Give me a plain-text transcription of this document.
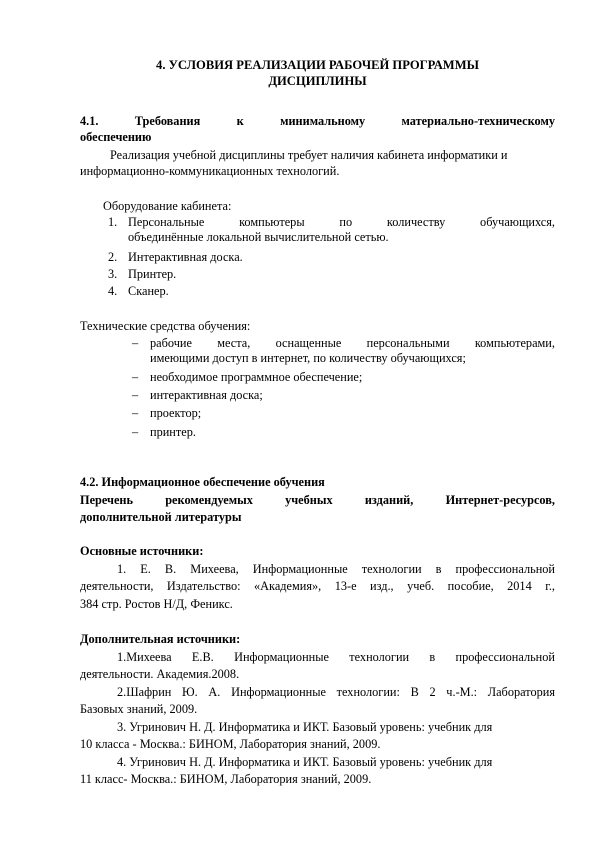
4. УСЛОВИЯ РЕАЛИЗАЦИИ РАБОЧЕЙ ПРОГРАММЫ
ДИСЦИПЛИНЫ
4.1.	Требования	к	минимальному	материально-техническому
обеспечению
Реализация учебной дисциплины требует наличия кабинета информатики и
информационно-коммуникационных технологий.
Оборудование кабинета:
1. Персональные	компьютеры	по	количеству	обучающихся,
объединённые локальной вычислительной сетью.
2. Интерактивная доска.
3. Принтер.
4. Сканер.
Технические средства обучения:
– рабочие места, оснащенные персональными компьютерами,
имеющими доступ в интернет, по количеству обучающихся;
– необходимое программное обеспечение;
– интерактивная доска;
– проектор;
– принтер.
4.2. Информационное обеспечение обучения
Перечень	рекомендуемых	учебных	изданий,	Интернет-ресурсов,
дополнительной литературы
Основные источники:
1. Е. В. Михеева, Информационные технологии в профессиональной
деятельности, Издательство: «Академия», 13-е изд., учеб. пособие, 2014 г.,
384 стр. Ростов Н/Д, Феникс.
Дополнительная источники:
1.Михеева Е.В. Информационные технологии в профессиональной
деятельности. Академия.2008.
2.Шафрин Ю. А. Информационные технологии: В 2 ч.-М.: Лаборатория
Базовых знаний, 2009.
3. Угринович Н. Д. Информатика и ИКТ. Базовый уровень: учебник для
10 класса - Москва.: БИНОМ, Лаборатория знаний, 2009.
4. Угринович Н. Д. Информатика и ИКТ. Базовый уровень: учебник для
11 класс- Москва.: БИНОМ, Лаборатория знаний, 2009.
